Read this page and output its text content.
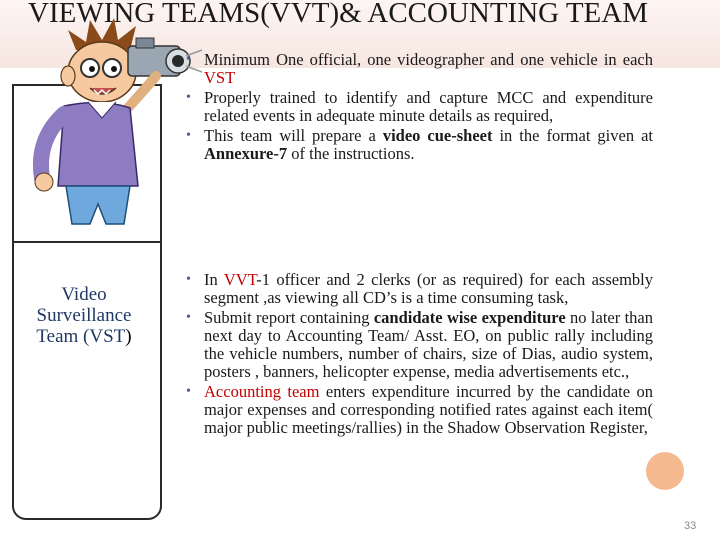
VIEWING TEAMS(VVT)& ACCOUNTING TEAM
Video Surveillance Team (VST)
• Minimum One official, one videographer and one vehicle in each VST
• Properly trained to identify and capture MCC and expenditure related events in adequate minute details as required,
• This team will prepare a video cue-sheet in the format given at Annexure-7 of the instructions.
• In VVT-1 officer and 2 clerks (or as required) for each assembly segment ,as viewing all CD’s is a time consuming task,
• Submit report containing candidate wise expenditure no later than next day to Accounting Team/ Asst. EO, on public rally including the vehicle numbers, number of chairs, size of Dias, audio system, posters , banners, helicopter expense, media advertisements etc.,
• Accounting team enters expenditure incurred by the candidate on major expenses and corresponding notified rates against each item( major public meetings/rallies) in the Shadow Observation Register,
33
